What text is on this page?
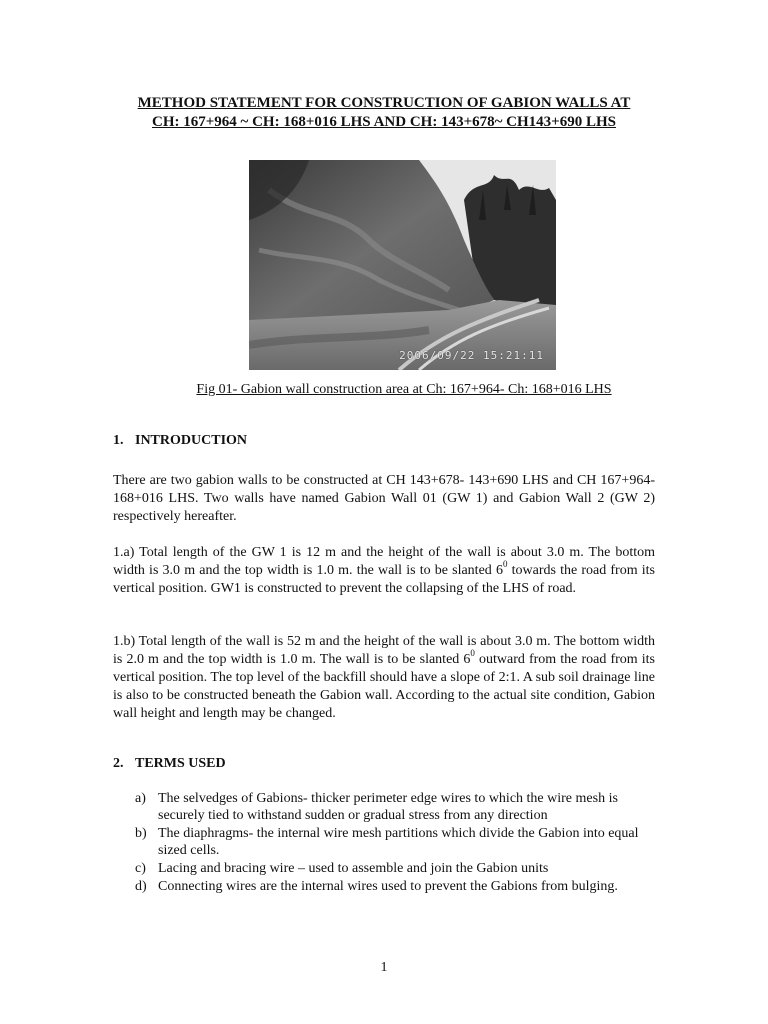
METHOD STATEMENT FOR CONSTRUCTION OF GABION WALLS AT
CH: 167+964 ~ CH: 168+016 LHS AND CH: 143+678~ CH143+690 LHS
2006/09/22 15:21:11
Fig 01- Gabion wall construction area at Ch: 167+964- Ch: 168+016 LHS
1. INTRODUCTION

There are two gabion walls to be constructed at CH 143+678- 143+690 LHS and CH 167+964-168+016 LHS. Two walls have named Gabion Wall 01 (GW 1) and Gabion Wall 2 (GW 2) respectively hereafter.

1.a) Total length of the GW 1 is 12 m and the height of the wall is about 3.0 m. The bottom width is 3.0 m and the top width is 1.0 m. the wall is to be slanted $6^0$ towards the road from its vertical position. GW1 is constructed to prevent the collapsing of the LHS of road.

1.b) Total length of the wall is 52 m and the height of the wall is about 3.0 m. The bottom width is 2.0 m and the top width is 1.0 m. The wall is to be slanted $6^0$ outward from the road from its vertical position. The top level of the backfill should have a slope of 2:1. A sub soil drainage line is also to be constructed beneath the Gabion wall. According to the actual site condition, Gabion wall height and length may be changed.

2. TERMS USED
a) The selvedges of Gabions- thicker perimeter edge wires to which the wire mesh is securely tied to withstand sudden or gradual stress from any direction
b) The diaphragms- the internal wire mesh partitions which divide the Gabion into equal sized cells.
c) Lacing and bracing wire – used to assemble and join the Gabion units
d) Connecting wires are the internal wires used to prevent the Gabions from bulging.
1
